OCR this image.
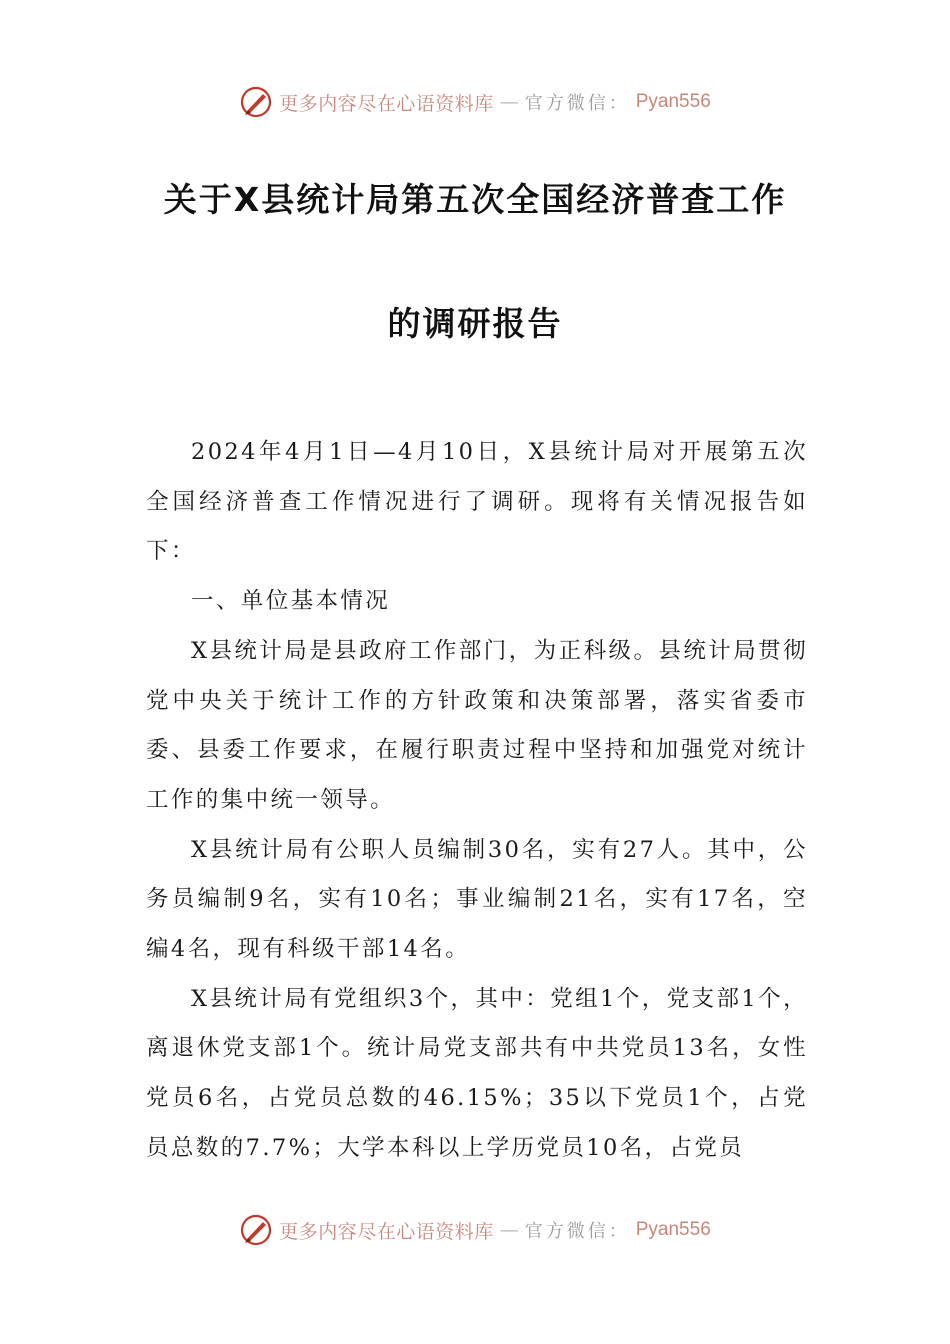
更多内容尽在心语资料库 — 官方微信： Pyan556
关于X县统计局第五次全国经济普查工作
的调研报告

2024年4月1日—4月10日，X县统计局对开展第五次全国经济普查工作情况进行了调研。现将有关情况报告如下：

一、单位基本情况

X县统计局是县政府工作部门，为正科级。县统计局贯彻党中央关于统计工作的方针政策和决策部署，落实省委市委、县委工作要求，在履行职责过程中坚持和加强党对统计工作的集中统一领导。

X县统计局有公职人员编制30名，实有27人。其中，公务员编制9名，实有10名；事业编制21名，实有17名，空编4名，现有科级干部14名。

X县统计局有党组织3个，其中：党组1个，党支部1个，离退休党支部1个。统计局党支部共有中共党员13名，女性党员6名，占党员总数的46.15%；35以下党员1个，占党员总数的7.7%；大学本科以上学历党员10名，占党员

更多内容尽在心语资料库 — 官方微信： Pyan556
